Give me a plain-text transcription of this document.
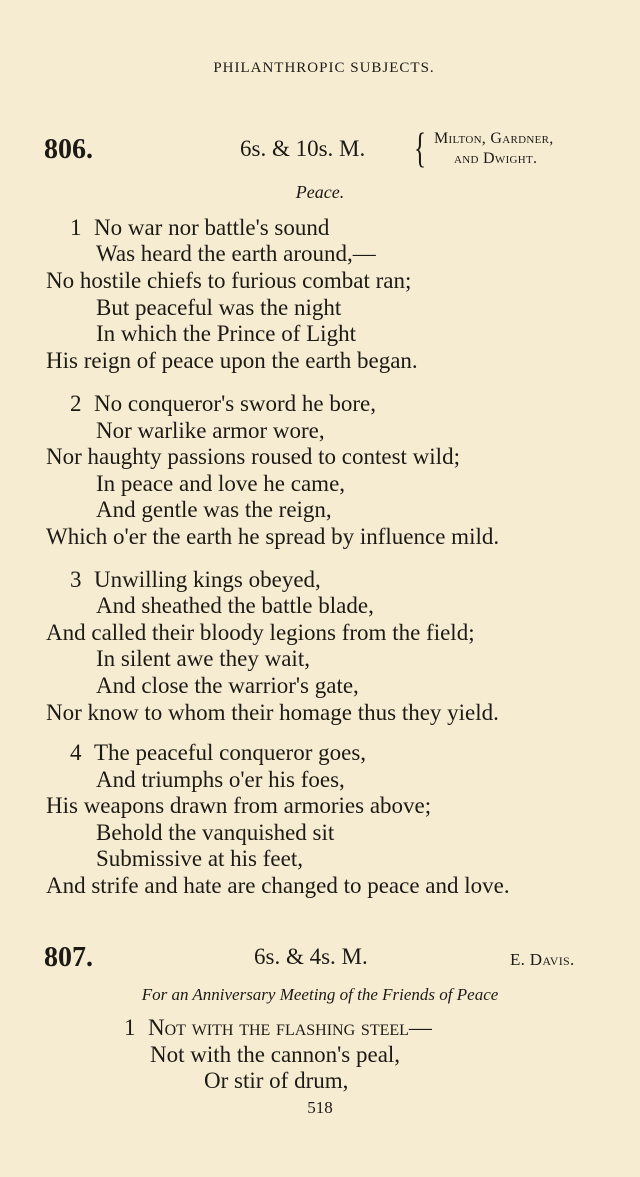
PHILANTHROPIC SUBJECTS.
806.	6s. & 10s. M. { Milton, Gardner,
and Dwight.
Peace.
1 No war nor battle's sound
Was heard the earth around,—
No hostile chiefs to furious combat ran;
But peaceful was the night
In which the Prince of Light
His reign of peace upon the earth began.
2 No conqueror's sword he bore,
Nor warlike armor wore,
Nor haughty passions roused to contest wild;
In peace and love he came,
And gentle was the reign,
Which o'er the earth he spread by influence mild.
3 Unwilling kings obeyed,
And sheathed the battle blade,
And called their bloody legions from the field;
In silent awe they wait,
And close the warrior's gate,
Nor know to whom their homage thus they yield.
4 The peaceful conqueror goes,
And triumphs o'er his foes,
His weapons drawn from armories above;
Behold the vanquished sit
Submissive at his feet,
And strife and hate are changed to peace and love.
807.	6s. & 4s. M.	E. Davis.
For an Anniversary Meeting of the Friends of Peace
1 Not with the flashing steel—
Not with the cannon's peal,
Or stir of drum,
518
